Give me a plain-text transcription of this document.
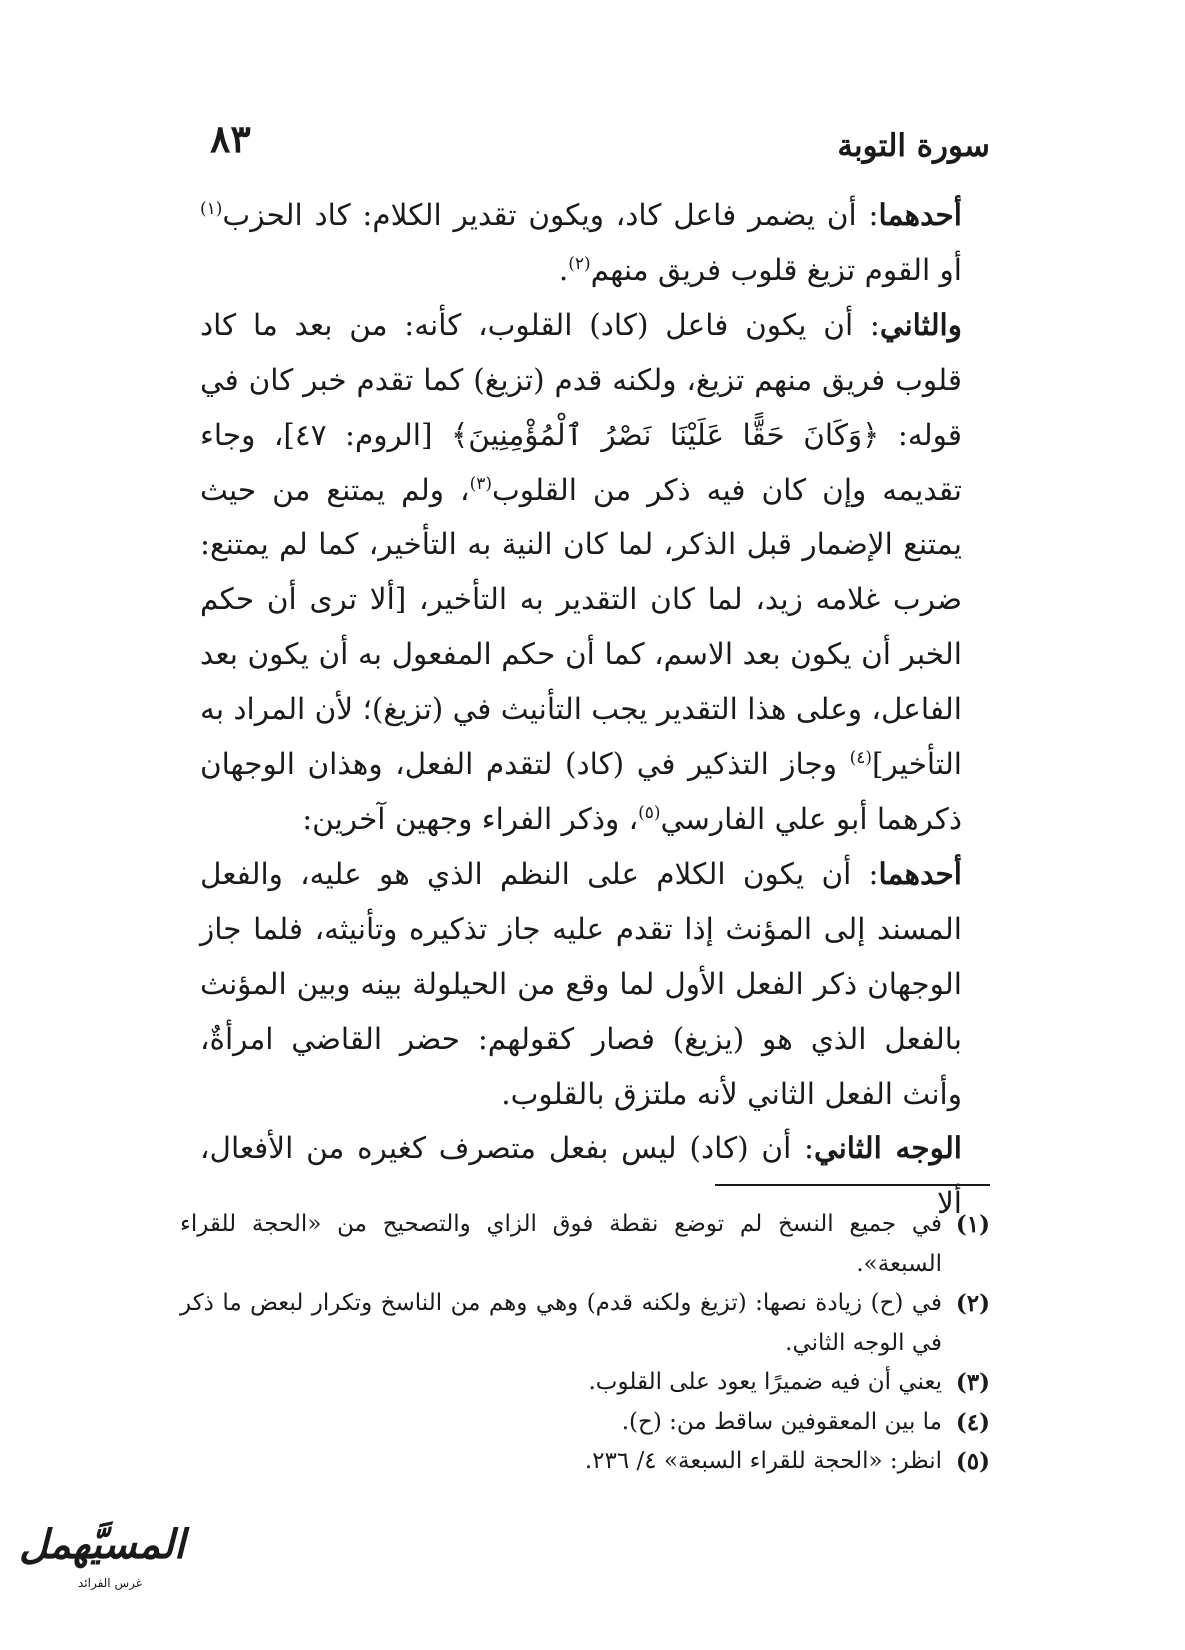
سورة التوبة
٨٣

أحدهما: أن يضمر فاعل كاد، ويكون تقدير الكلام: كاد الحزب$^{(١)}$ أو القوم تزيغ قلوب فريق منهم$^{(٢)}$.

والثاني: أن يكون فاعل (كاد) القلوب، كأنه: من بعد ما كاد قلوب فريق منهم تزيغ، ولكنه قدم (تزيغ) كما تقدم خبر كان في قوله: ﴿وَكَانَ حَقًّا عَلَيْنَا نَصْرُ ٱلْمُؤْمِنِينَ﴾ [الروم: ٤٧]، وجاء تقديمه وإن كان فيه ذكر من القلوب$^{(٣)}$، ولم يمتنع من حيث يمتنع الإضمار قبل الذكر، لما كان النية به التأخير، كما لم يمتنع: ضرب غلامه زيد، لما كان التقدير به التأخير، [ألا ترى أن حكم الخبر أن يكون بعد الاسم، كما أن حكم المفعول به أن يكون بعد الفاعل، وعلى هذا التقدير يجب التأنيث في (تزيغ)؛ لأن المراد به التأخير]$^{(٤)}$ وجاز التذكير في (كاد) لتقدم الفعل، وهذان الوجهان ذكرهما أبو علي الفارسي$^{(٥)}$، وذكر الفراء وجهين آخرين:

أحدهما: أن يكون الكلام على النظم الذي هو عليه، والفعل المسند إلى المؤنث إذا تقدم عليه جاز تذكيره وتأنيثه، فلما جاز الوجهان ذكر الفعل الأول لما وقع من الحيلولة بينه وبين المؤنث بالفعل الذي هو (يزيغ) فصار كقولهم: حضر القاضي امرأةٌ، وأنث الفعل الثاني لأنه ملتزق بالقلوب.

الوجه الثاني: أن (كاد) ليس بفعل متصرف كغيره من الأفعال، ألا

(١)
في جميع النسخ لم توضع نقطة فوق الزاي والتصحيح من «الحجة للقراء السبعة».
(٢)
في (ح) زيادة نصها: (تزيغ ولكنه قدم) وهي وهم من الناسخ وتكرار لبعض ما ذكر في الوجه الثاني.
(٣)
يعني أن فيه ضميرًا يعود على القلوب.
(٤)
ما بين المعقوفين ساقط من: (ح).
(٥)
انظر: «الحجة للقراء السبعة» ٤/ ٢٣٦.
المسيَّهمل
غرس الفرائد
